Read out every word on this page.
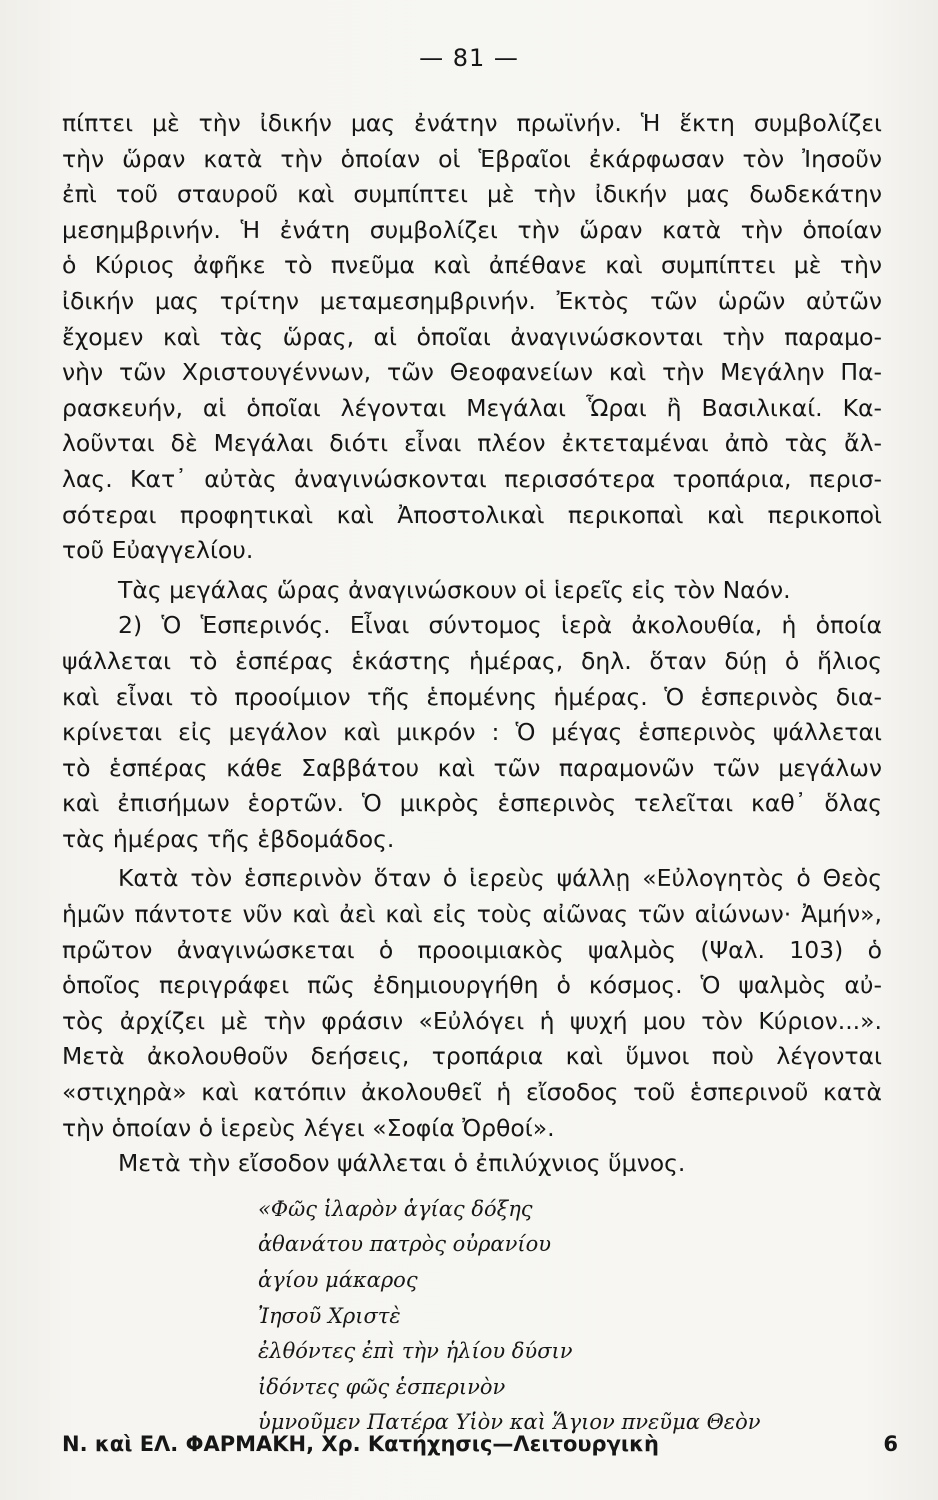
— 81 —
πίπτει μὲ τὴν ἰδικήν μας ἐνάτην πρωϊνήν. Ἡ ἕκτη συμβολίζει
τὴν ὥραν κατὰ τὴν ὁποίαν οἱ Ἑβραῖοι ἐκάρφωσαν τὸν Ἰησοῦν
ἐπὶ τοῦ σταυροῦ καὶ συμπίπτει μὲ τὴν ἰδικήν μας δωδεκάτην
μεσημβρινήν. Ἡ ἐνάτη συμβολίζει τὴν ὥραν κατὰ τὴν ὁποίαν
ὁ Κύριος ἀφῆκε τὸ πνεῦμα καὶ ἀπέθανε καὶ συμπίπτει μὲ τὴν
ἰδικήν μας τρίτην μεταμεσημβρινήν. Ἐκτὸς τῶν ὡρῶν αὐτῶν
ἔχομεν καὶ τὰς ὥρας, αἱ ὁποῖαι ἀναγινώσκονται τὴν παραμο-
νὴν τῶν Χριστουγέννων, τῶν Θεοφανείων καὶ τὴν Μεγάλην Πα-
ρασκευήν, αἱ ὁποῖαι λέγονται Μεγάλαι Ὧραι ἢ Βασιλικαί. Κα-
λοῦνται δὲ Μεγάλαι διότι εἶναι πλέον ἐκτεταμέναι ἀπὸ τὰς ἄλ-
λας. Κατ᾽ αὐτὰς ἀναγινώσκονται περισσότερα τροπάρια, περισ-
σότεραι προφητικαὶ καὶ Ἀποστολικαὶ περικοπαὶ καὶ περικοποὶ
τοῦ Εὐαγγελίου.
Τὰς μεγάλας ὥρας ἀναγινώσκουν οἱ ἱερεῖς εἰς τὸν Ναόν.
2) Ὁ Ἑσπερινός. Εἶναι σύντομος ἱερὰ ἀκολουθία, ἡ ὁποία
ψάλλεται τὸ ἑσπέρας ἑκάστης ἡμέρας, δηλ. ὅταν δύῃ ὁ ἥλιος
καὶ εἶναι τὸ προοίμιον τῆς ἑπομένης ἡμέρας. Ὁ ἑσπερινὸς δια-
κρίνεται εἰς μεγάλον καὶ μικρόν : Ὁ μέγας ἑσπερινὸς ψάλλεται
τὸ ἑσπέρας κάθε Σαββάτου καὶ τῶν παραμονῶν τῶν μεγάλων
καὶ ἐπισήμων ἑορτῶν. Ὁ μικρὸς ἑσπερινὸς τελεῖται καθ᾽ ὅλας
τὰς ἡμέρας τῆς ἑβδομάδος.
Κατὰ τὸν ἑσπερινὸν ὅταν ὁ ἱερεὺς ψάλλῃ «Εὐλογητὸς ὁ Θεὸς
ἡμῶν πάντοτε νῦν καὶ ἀεὶ καὶ εἰς τοὺς αἰῶνας τῶν αἰώνων· Ἀμήν»,
πρῶτον ἀναγινώσκεται ὁ προοιμιακὸς ψαλμὸς (Ψαλ. 103) ὁ
ὁποῖος περιγράφει πῶς ἐδημιουργήθη ὁ κόσμος. Ὁ ψαλμὸς αὐ-
τὸς ἀρχίζει μὲ τὴν φράσιν «Εὐλόγει ἡ ψυχή μου τὸν Κύριον...».
Μετὰ ἀκολουθοῦν δεήσεις, τροπάρια καὶ ὕμνοι ποὺ λέγονται
«στιχηρὰ» καὶ κατόπιν ἀκολουθεῖ ἡ εἴσοδος τοῦ ἑσπερινοῦ κατὰ
τὴν ὁποίαν ὁ ἱερεὺς λέγει «Σοφία Ὀρθοί».
Μετὰ τὴν εἴσοδον ψάλλεται ὁ ἐπιλύχνιος ὕμνος.
«Φῶς ἱλαρὸν ἁγίας δόξης
ἀθανάτου πατρὸς οὐρανίου
ἁγίου μάκαρος
Ἰησοῦ Χριστὲ
ἐλθόντες ἐπὶ τὴν ἡλίου δύσιν
ἰδόντες φῶς ἑσπερινὸν
ὑμνοῦμεν Πατέρα Υἱὸν καὶ Ἅγιον πνεῦμα Θεὸν
Ν. καὶ ΕΛ. ΦΑΡΜΑΚΗ, Χρ. Κατήχησις—Λειτουργικὴ	6
